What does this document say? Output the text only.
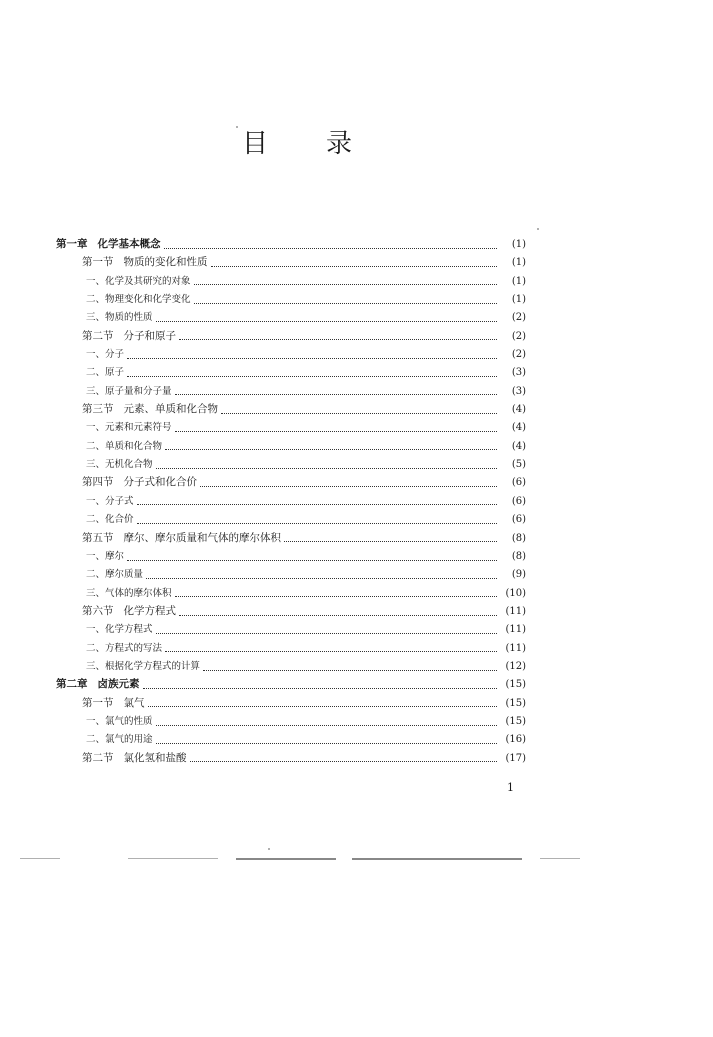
目 录
第一章 化学基本概念	(1)
第一节 物质的变化和性质	(1)
一、化学及其研究的对象	(1)
二、物理变化和化学变化	(1)
三、物质的性质	(2)
第二节 分子和原子	(2)
一、分子	(2)
二、原子	(3)
三、原子量和分子量	(3)
第三节 元素、单质和化合物	(4)
一、元素和元素符号	(4)
二、单质和化合物	(4)
三、无机化合物	(5)
第四节 分子式和化合价	(6)
一、分子式	(6)
二、化合价	(6)
第五节 摩尔、摩尔质量和气体的摩尔体积	(8)
一、摩尔	(8)
二、摩尔质量	(9)
三、气体的摩尔体积	(10)
第六节 化学方程式	(11)
一、化学方程式	(11)
二、方程式的写法	(11)
三、根据化学方程式的计算	(12)
第二章 卤族元素	(15)
第一节 氯气	(15)
一、氯气的性质	(15)
二、氯气的用途	(16)
第二节 氯化氢和盐酸	(17)
1
